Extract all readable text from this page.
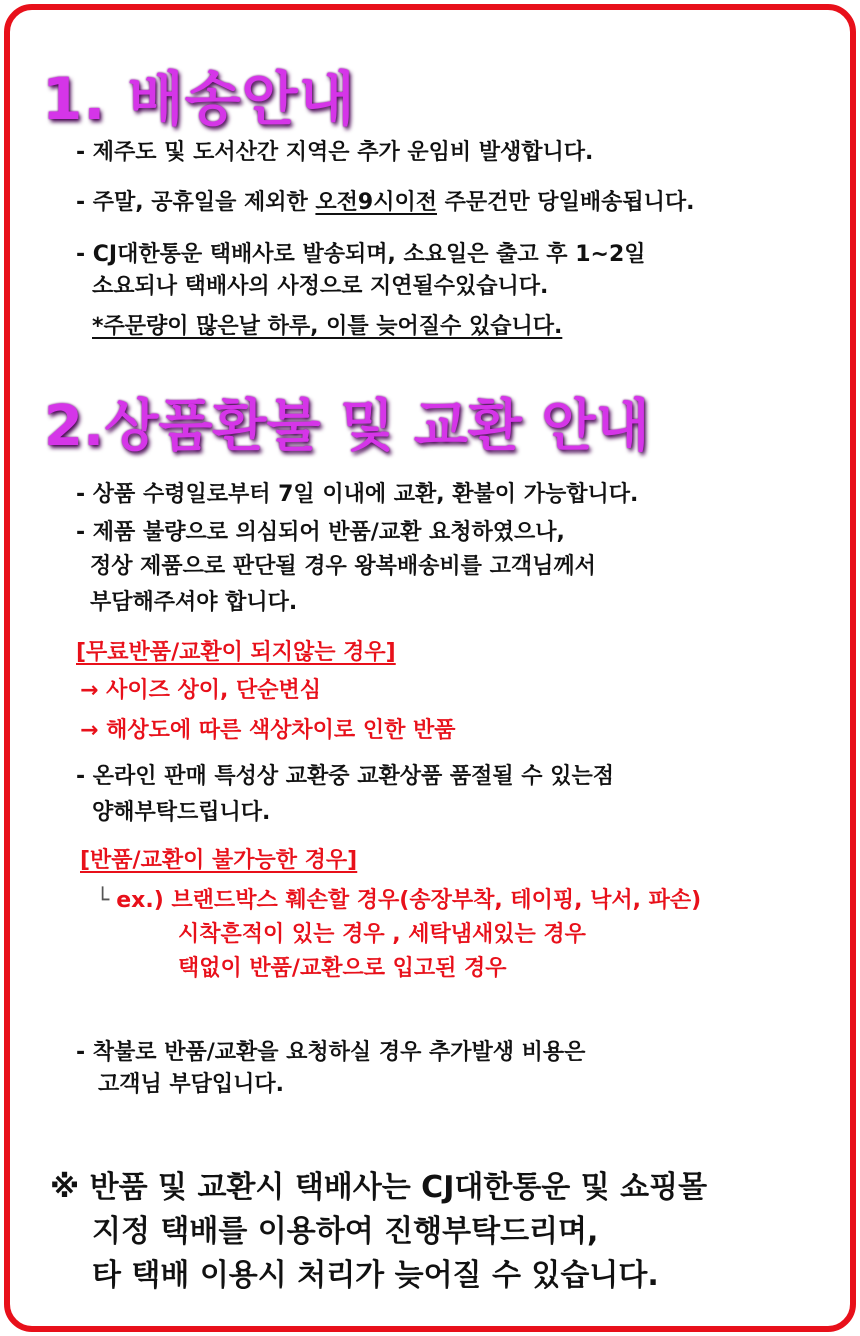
1. 배송안내
- 제주도 및 도서산간 지역은 추가 운임비 발생합니다.
- 주말, 공휴일을 제외한 오전9시이전 주문건만 당일배송됩니다.
- CJ대한통운 택배사로 발송되며, 소요일은 출고 후 1~2일
소요되나 택배사의 사정으로 지연될수있습니다.
*주문량이 많은날 하루, 이틀 늦어질수 있습니다.
2.상품환불 및 교환 안내
- 상품 수령일로부터 7일 이내에 교환, 환불이 가능합니다.
- 제품 불량으로 의심되어 반품/교환 요청하였으나,
정상 제품으로 판단될 경우 왕복배송비를 고객님께서
부담해주셔야 합니다.
[무료반품/교환이 되지않는 경우]
→ 사이즈 상이, 단순변심
→ 해상도에 따른 색상차이로 인한 반품
- 온라인 판매 특성상 교환중 교환상품 품절될 수 있는점
양해부탁드립니다.
[반품/교환이 불가능한 경우]
└ ex.) 브랜드박스 훼손할 경우(송장부착, 테이핑, 낙서, 파손)
시착흔적이 있는 경우 , 세탁냄새있는 경우
택없이 반품/교환으로 입고된 경우
- 착불로 반품/교환을 요청하실 경우 추가발생 비용은
고객님 부담입니다.
※ 반품 및 교환시 택배사는 CJ대한통운 및 쇼핑몰
지정 택배를 이용하여 진행부탁드리며,
타 택배 이용시 처리가 늦어질 수 있습니다.
